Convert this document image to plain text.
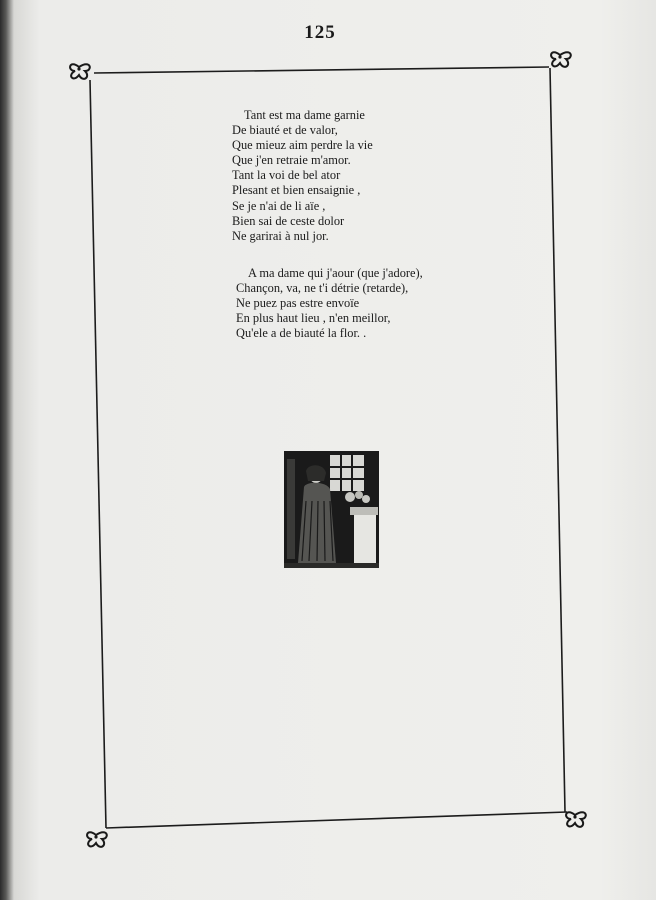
125
Tant est ma dame garnie
De biauté et de valor,
Que mieuz aim perdre la vie
Que j'en retraie m'amor.
Tant la voi de bel ator
Plesant et bien ensaignie ,
Se je n'ai de li aïe ,
Bien sai de ceste dolor
Ne garirai à nul jor.
A ma dame qui j'aour (que j'adore),
Chançon, va, ne t'i détrie (retarde),
Ne puez pas estre envoïe
En plus haut lieu , n'en meillor,
Qu'ele a de biauté la flor. .
